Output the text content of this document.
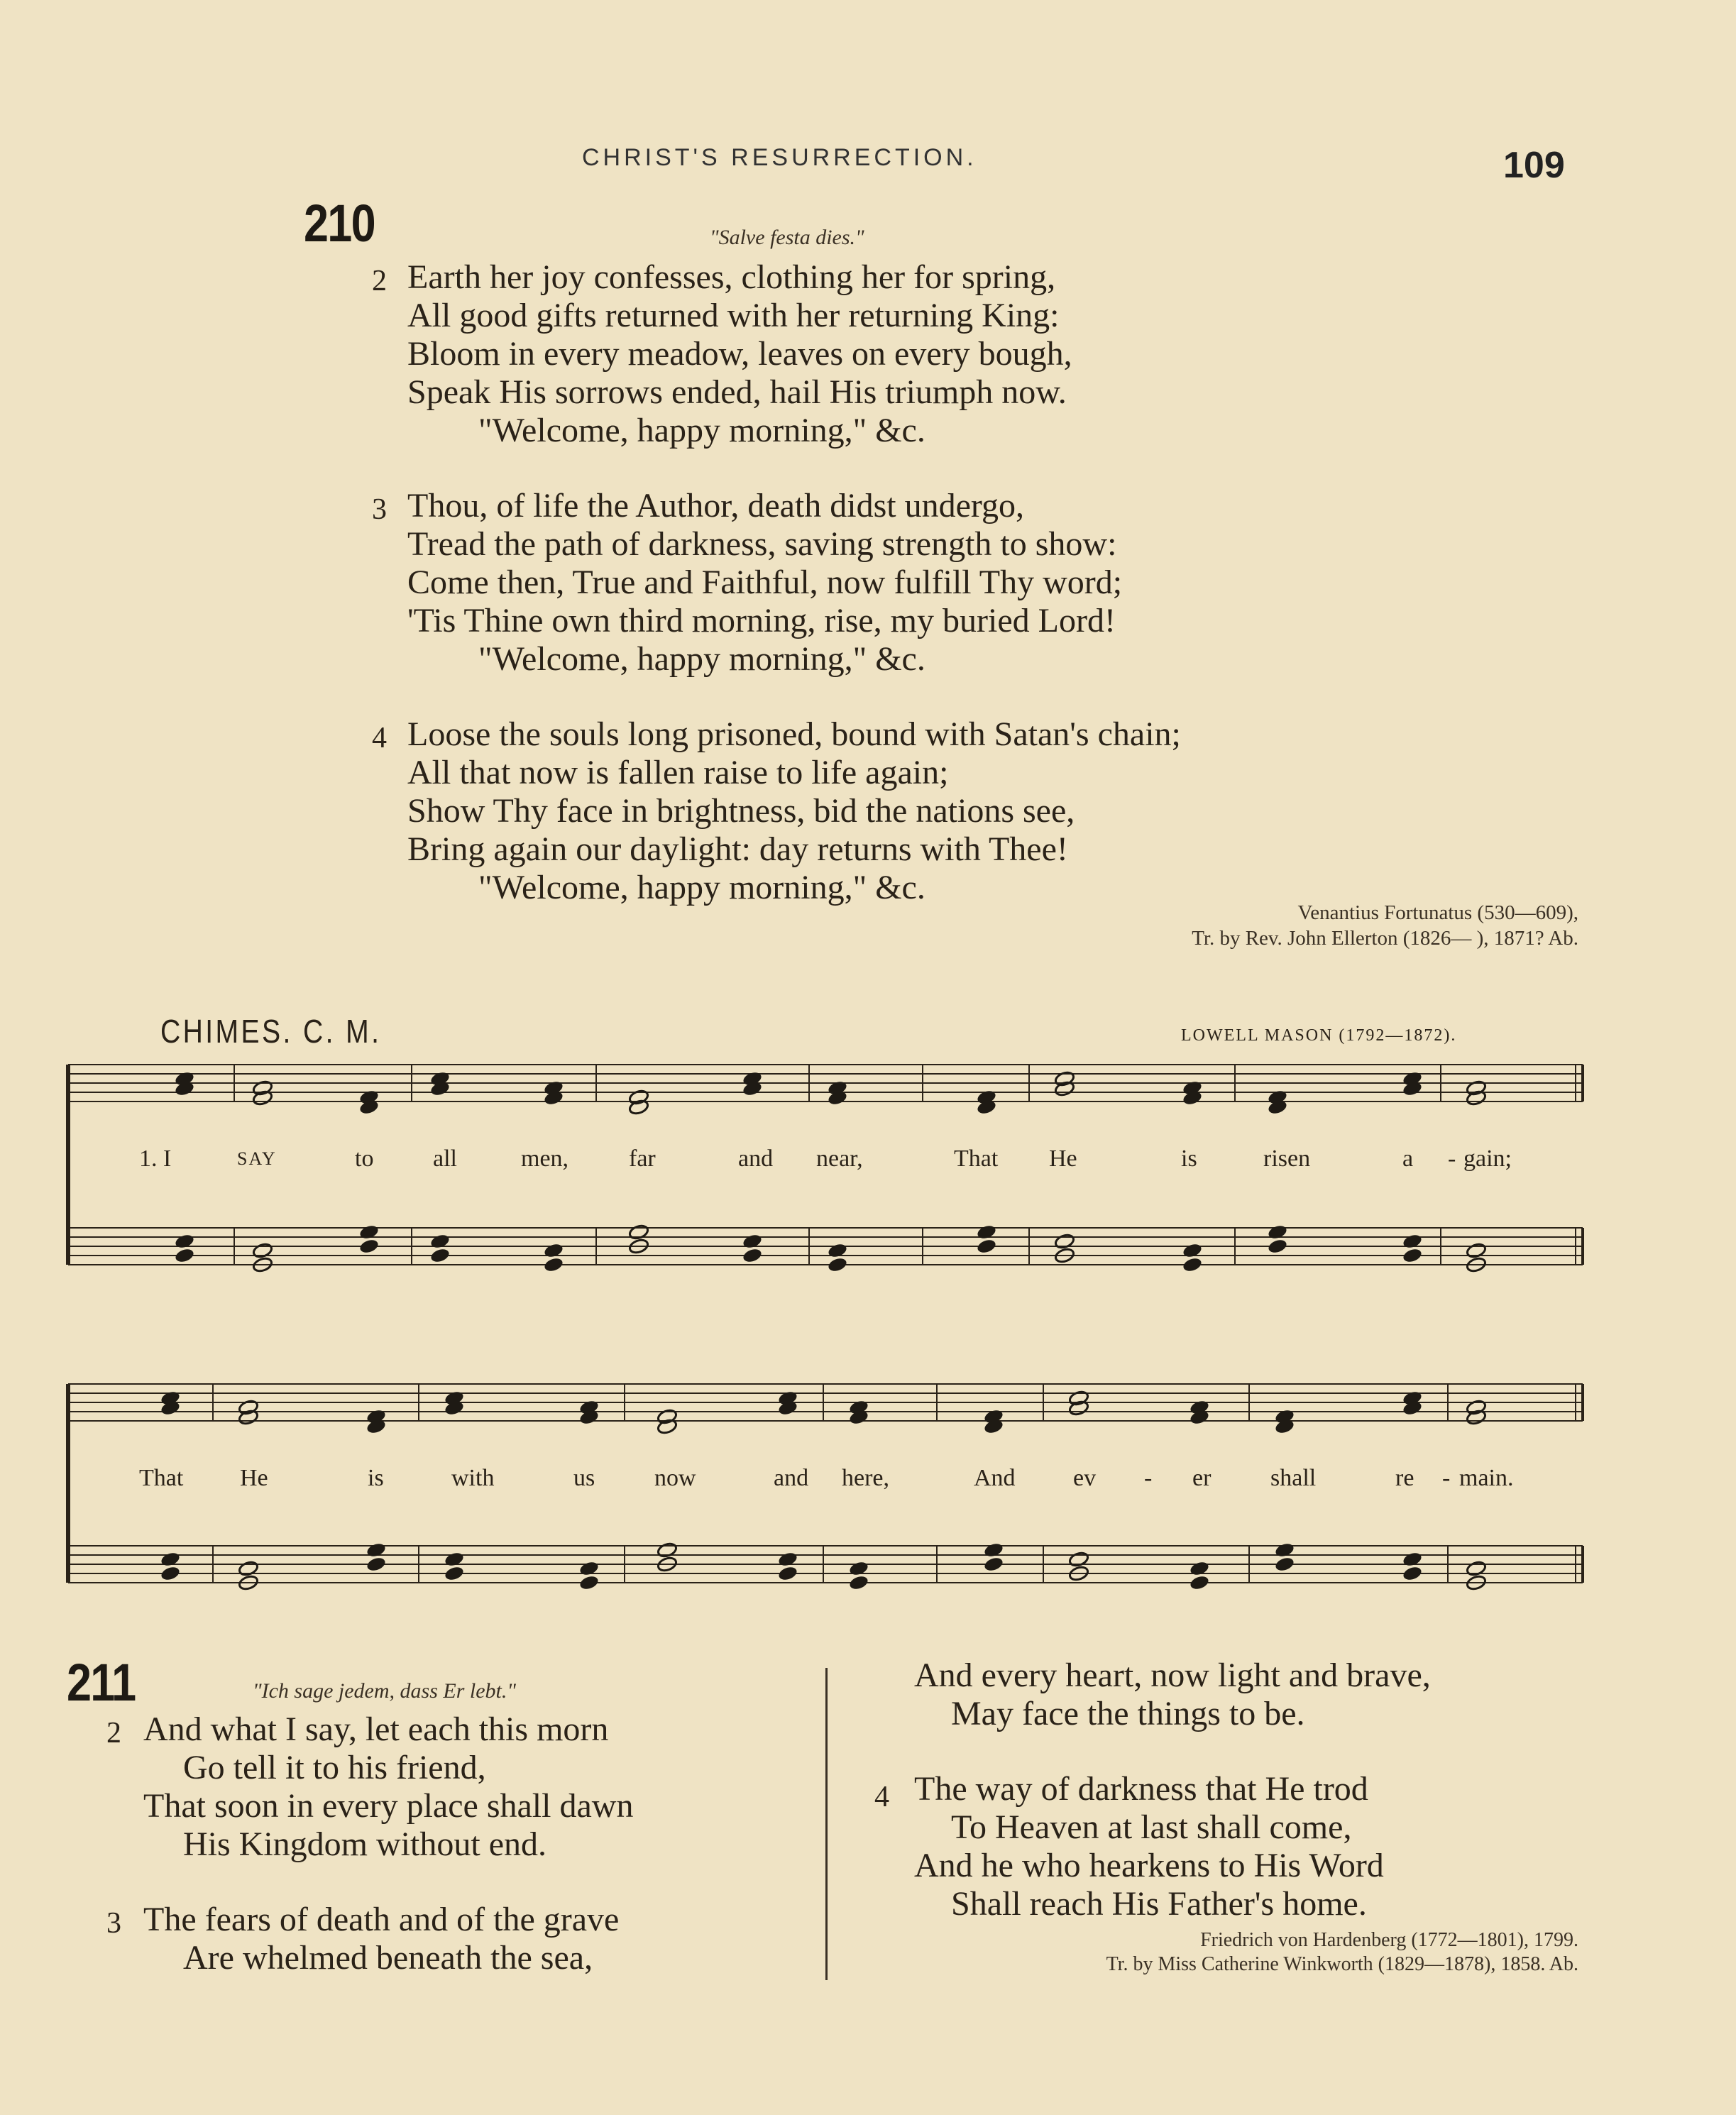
CHRIST'S RESURRECTION.	109
210	"Salve festa dies."
2 Earth her joy confesses, clothing her for spring,
All good gifts returned with her returning King:
Bloom in every meadow, leaves on every bough,
Speak His sorrows ended, hail His triumph now.
"Welcome, happy morning," &c.
3 Thou, of life the Author, death didst undergo,
Tread the path of darkness, saving strength to show:
Come then, True and Faithful, now fulfill Thy word;
'Tis Thine own third morning, rise, my buried Lord!
"Welcome, happy morning," &c.
4 Loose the souls long prisoned, bound with Satan's chain;
All that now is fallen raise to life again;
Show Thy face in brightness, bid the nations see,
Bring again our daylight: day returns with Thee!
"Welcome, happy morning," &c.
Venantius Fortunatus (530—609),
Tr. by Rev. John Ellerton (1826— ), 1871? Ab.
CHIMES. C. M.	LOWELL MASON (1792—1872).
1. I	SAY	to all	men, far	and near,	That He	is	risen	a - gain;
That He	is	with	us now	and here,	And ev - er shall	re - main.
211	"Ich sage jedem, dass Er lebt."
2 And what I say, let each this morn
Go tell it to his friend,
That soon in every place shall dawn
His Kingdom without end.
3 The fears of death and of the grave
Are whelmed beneath the sea,
And every heart, now light and brave,
May face the things to be.
4 The way of darkness that He trod
To Heaven at last shall come,
And he who hearkens to His Word
Shall reach His Father's home.
Friedrich von Hardenberg (1772—1801), 1799.
Tr. by Miss Catherine Winkworth (1829—1878), 1858. Ab.
